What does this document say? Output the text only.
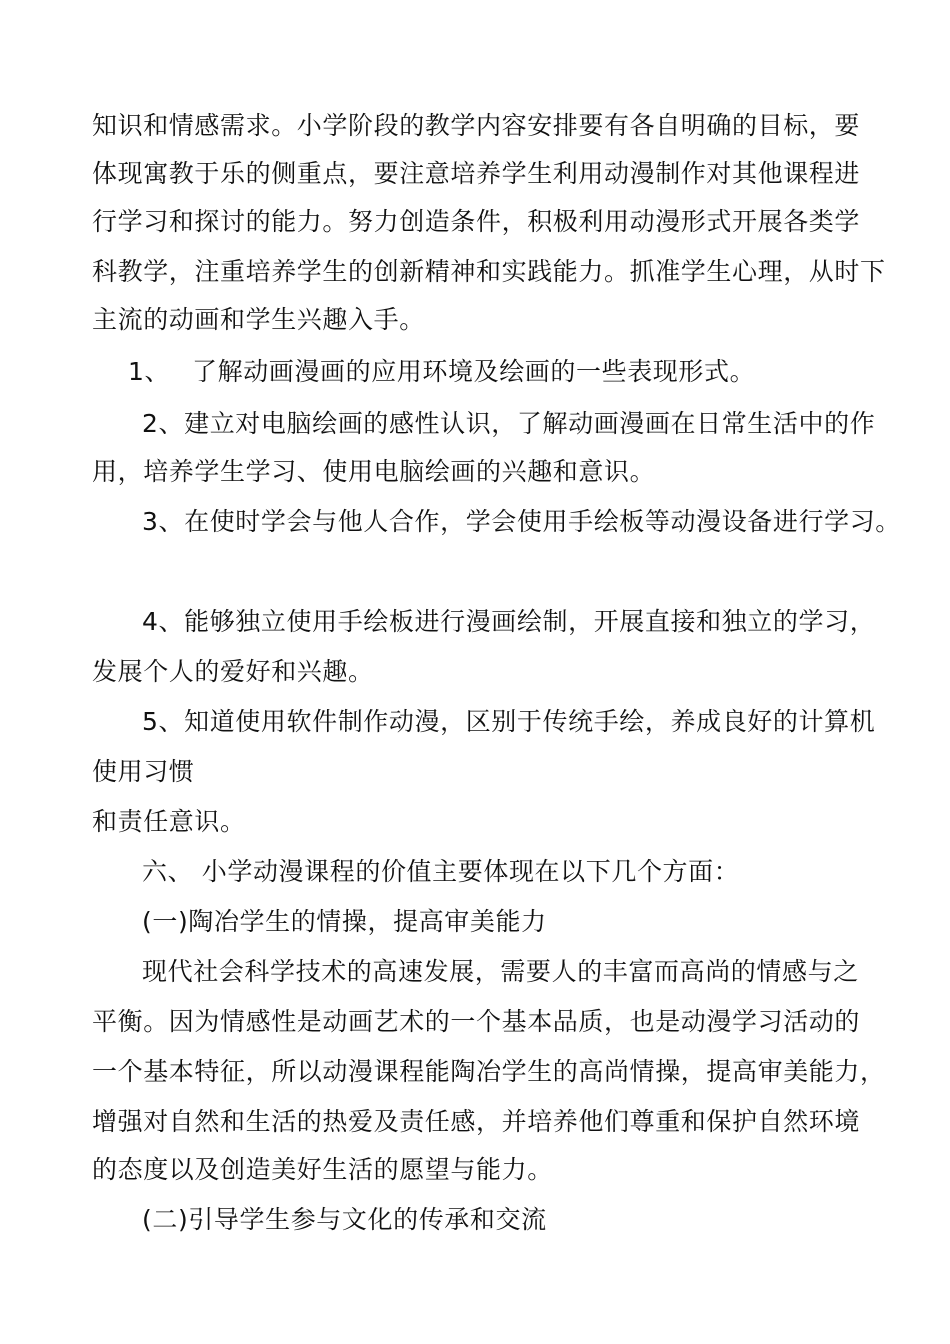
知识和情感需求。小学阶段的教学内容安排要有各自明确的目标，要
体现寓教于乐的侧重点，要注意培养学生利用动漫制作对其他课程进
行学习和探讨的能力。努力创造条件，积极利用动漫形式开展各类学
科教学，注重培养学生的创新精神和实践能力。抓准学生心理，从时下
主流的动画和学生兴趣入手。
1、 了解动画漫画的应用环境及绘画的一些表现形式。
2、建立对电脑绘画的感性认识，了解动画漫画在日常生活中的作
用，培养学生学习、使用电脑绘画的兴趣和意识。
3、在使时学会与他人合作，学会使用手绘板等动漫设备进行学习。
4、能够独立使用手绘板进行漫画绘制，开展直接和独立的学习，
发展个人的爱好和兴趣。
5、知道使用软件制作动漫，区别于传统手绘，养成良好的计算机
使用习惯
和责任意识。
六、 小学动漫课程的价值主要体现在以下几个方面：
(一)陶冶学生的情操，提高审美能力
现代社会科学技术的高速发展，需要人的丰富而高尚的情感与之
平衡。因为情感性是动画艺术的一个基本品质，也是动漫学习活动的
一个基本特征，所以动漫课程能陶冶学生的高尚情操，提高审美能力，
增强对自然和生活的热爱及责任感，并培养他们尊重和保护自然环境
的态度以及创造美好生活的愿望与能力。
(二)引导学生参与文化的传承和交流
